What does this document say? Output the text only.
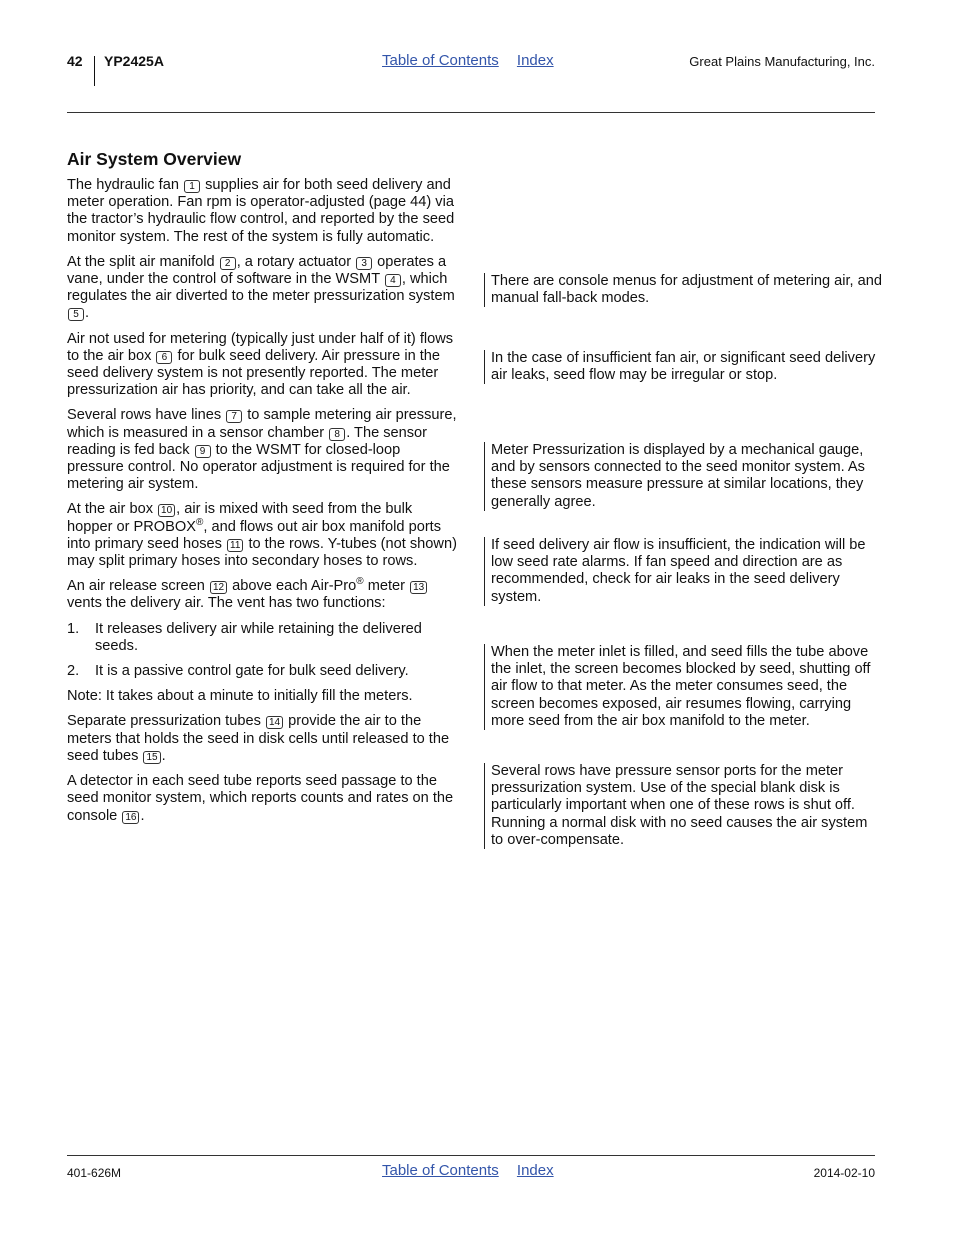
42 YP2425A	Table of Contents Index	Great Plains Manufacturing, Inc.
Air System Overview

The hydraulic fan 1 supplies air for both seed delivery and meter operation. Fan rpm is operator-adjusted (page 44) via the tractor’s hydraulic flow control, and reported by the seed monitor system. The rest of the system is fully automatic.

At the split air manifold 2 , a rotary actuator 3 operates a vane, under the control of software in the WSMT 4 , which regulates the air diverted to the meter pressurization system 5 .

Air not used for metering (typically just under half of it) flows to the air box 6 for bulk seed delivery. Air pressure in the seed delivery system is not presently reported. The meter pressurization air has priority, and can take all the air.

Several rows have lines 7 to sample metering air pressure, which is measured in a sensor chamber 8 . The sensor reading is fed back 9 to the WSMT for closed-loop pressure control. No operator adjustment is required for the metering air system.

At the air box 10 , air is mixed with seed from the bulk hopper or PROBOX®, and flows out air box manifold ports into primary seed hoses 11 to the rows. Y-tubes (not shown) may split primary hoses into secondary hoses to rows.

An air release screen 12 above each Air-Pro® meter 13 vents the delivery air. The vent has two functions:

1. It releases delivery air while retaining the delivered seeds.
2. It is a passive control gate for bulk seed delivery.

Note: It takes about a minute to initially fill the meters.

Separate pressurization tubes 14 provide the air to the meters that holds the seed in disk cells until released to the seed tubes 15 .

A detector in each seed tube reports seed passage to the seed monitor system, which reports counts and rates on the console 16 .

There are console menus for adjustment of metering air, and manual fall-back modes.
In the case of insufficient fan air, or significant seed delivery air leaks, seed flow may be irregular or stop.
Meter Pressurization is displayed by a mechanical gauge, and by sensors connected to the seed monitor system. As these sensors measure pressure at similar locations, they generally agree.
If seed delivery air flow is insufficient, the indication will be low seed rate alarms. If fan speed and direction are as recommended, check for air leaks in the seed delivery system.
When the meter inlet is filled, and seed fills the tube above the inlet, the screen becomes blocked by seed, shutting off air flow to that meter. As the meter consumes seed, the screen becomes exposed, air resumes flowing, carrying more seed from the air box manifold to the meter.
Several rows have pressure sensor ports for the meter pressurization system. Use of the special blank disk is particularly important when one of these rows is shut off. Running a normal disk with no seed causes the air system to over-compensate.
401-626M	Table of Contents Index	2014-02-10
